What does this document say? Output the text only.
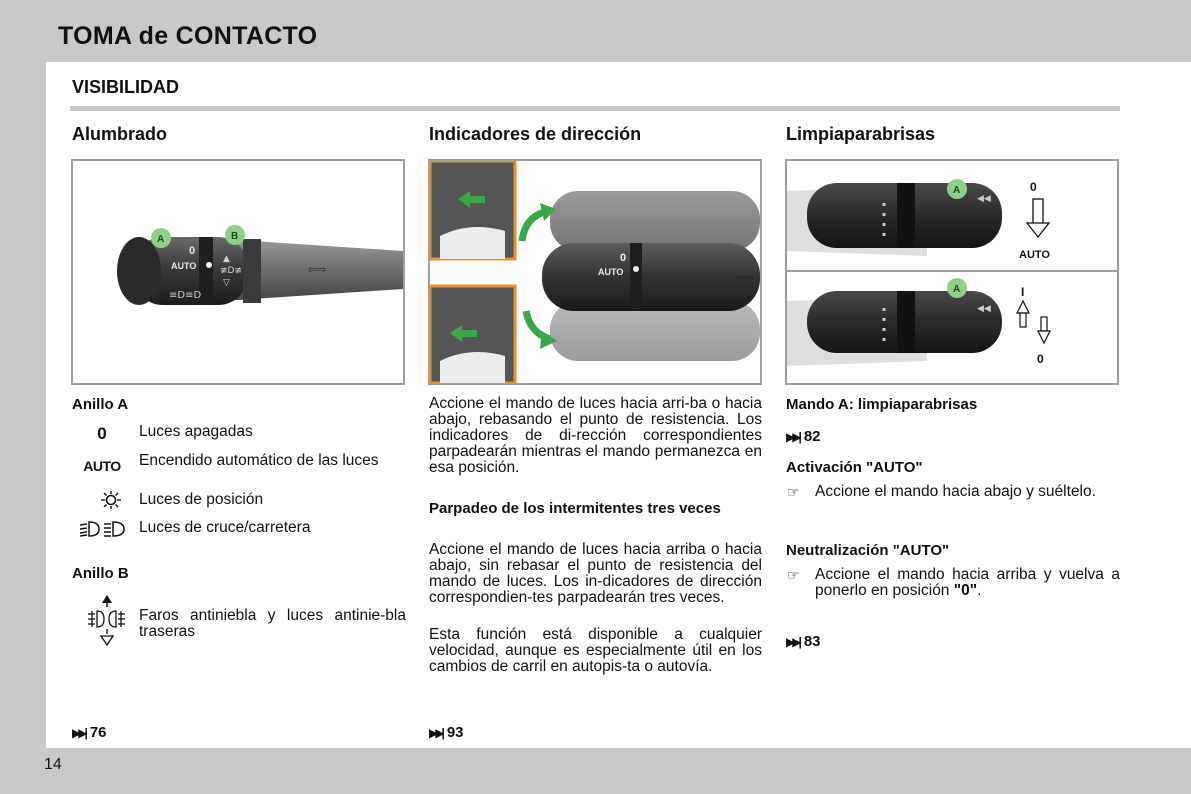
TOMA de CONTACTO
VISIBILIDAD
Alumbrado
0
AUTO
≡D≡D
▲
≢D≢
▽
⇦⇨
A	B
Anillo A
0	Luces apagadas
AUTO	Encendido automático de las luces
Luces de posición
Luces de cruce/carretera
Anillo B
Faros antiniebla y luces antinie-bla traseras
▶▶| 76
Indicadores de dirección
0
AUTO	⇦⇨
Accione el mando de luces hacia arri-ba o hacia abajo, rebasando el punto de resistencia. Los indicadores de di-rección correspondientes parpadearán mientras el mando permanezca en esa posición.
Parpadeo de los intermitentes tres veces
Accione el mando de luces hacia arriba o hacia abajo, sin rebasar el punto de resistencia del mando de luces. Los in-dicadores de dirección correspondien-tes parpadearán tres veces.
Esta función está disponible a cualquier velocidad, aunque es especialmente útil en los cambios de carril en autopis-ta o autovía.
▶▶| 93
Limpiaparabrisas
▪
▪
▪
▪
◀◀
A	0
AUTO
▪
▪
▪
▪
◀◀
A	I
0
Mando A: limpiaparabrisas
▶▶| 82
Activación "AUTO"
☞ Accione el mando hacia abajo y suéltelo.
Neutralización "AUTO"
☞ Accione el mando hacia arriba y vuelva a ponerlo en posición "0".
▶▶| 83
14
